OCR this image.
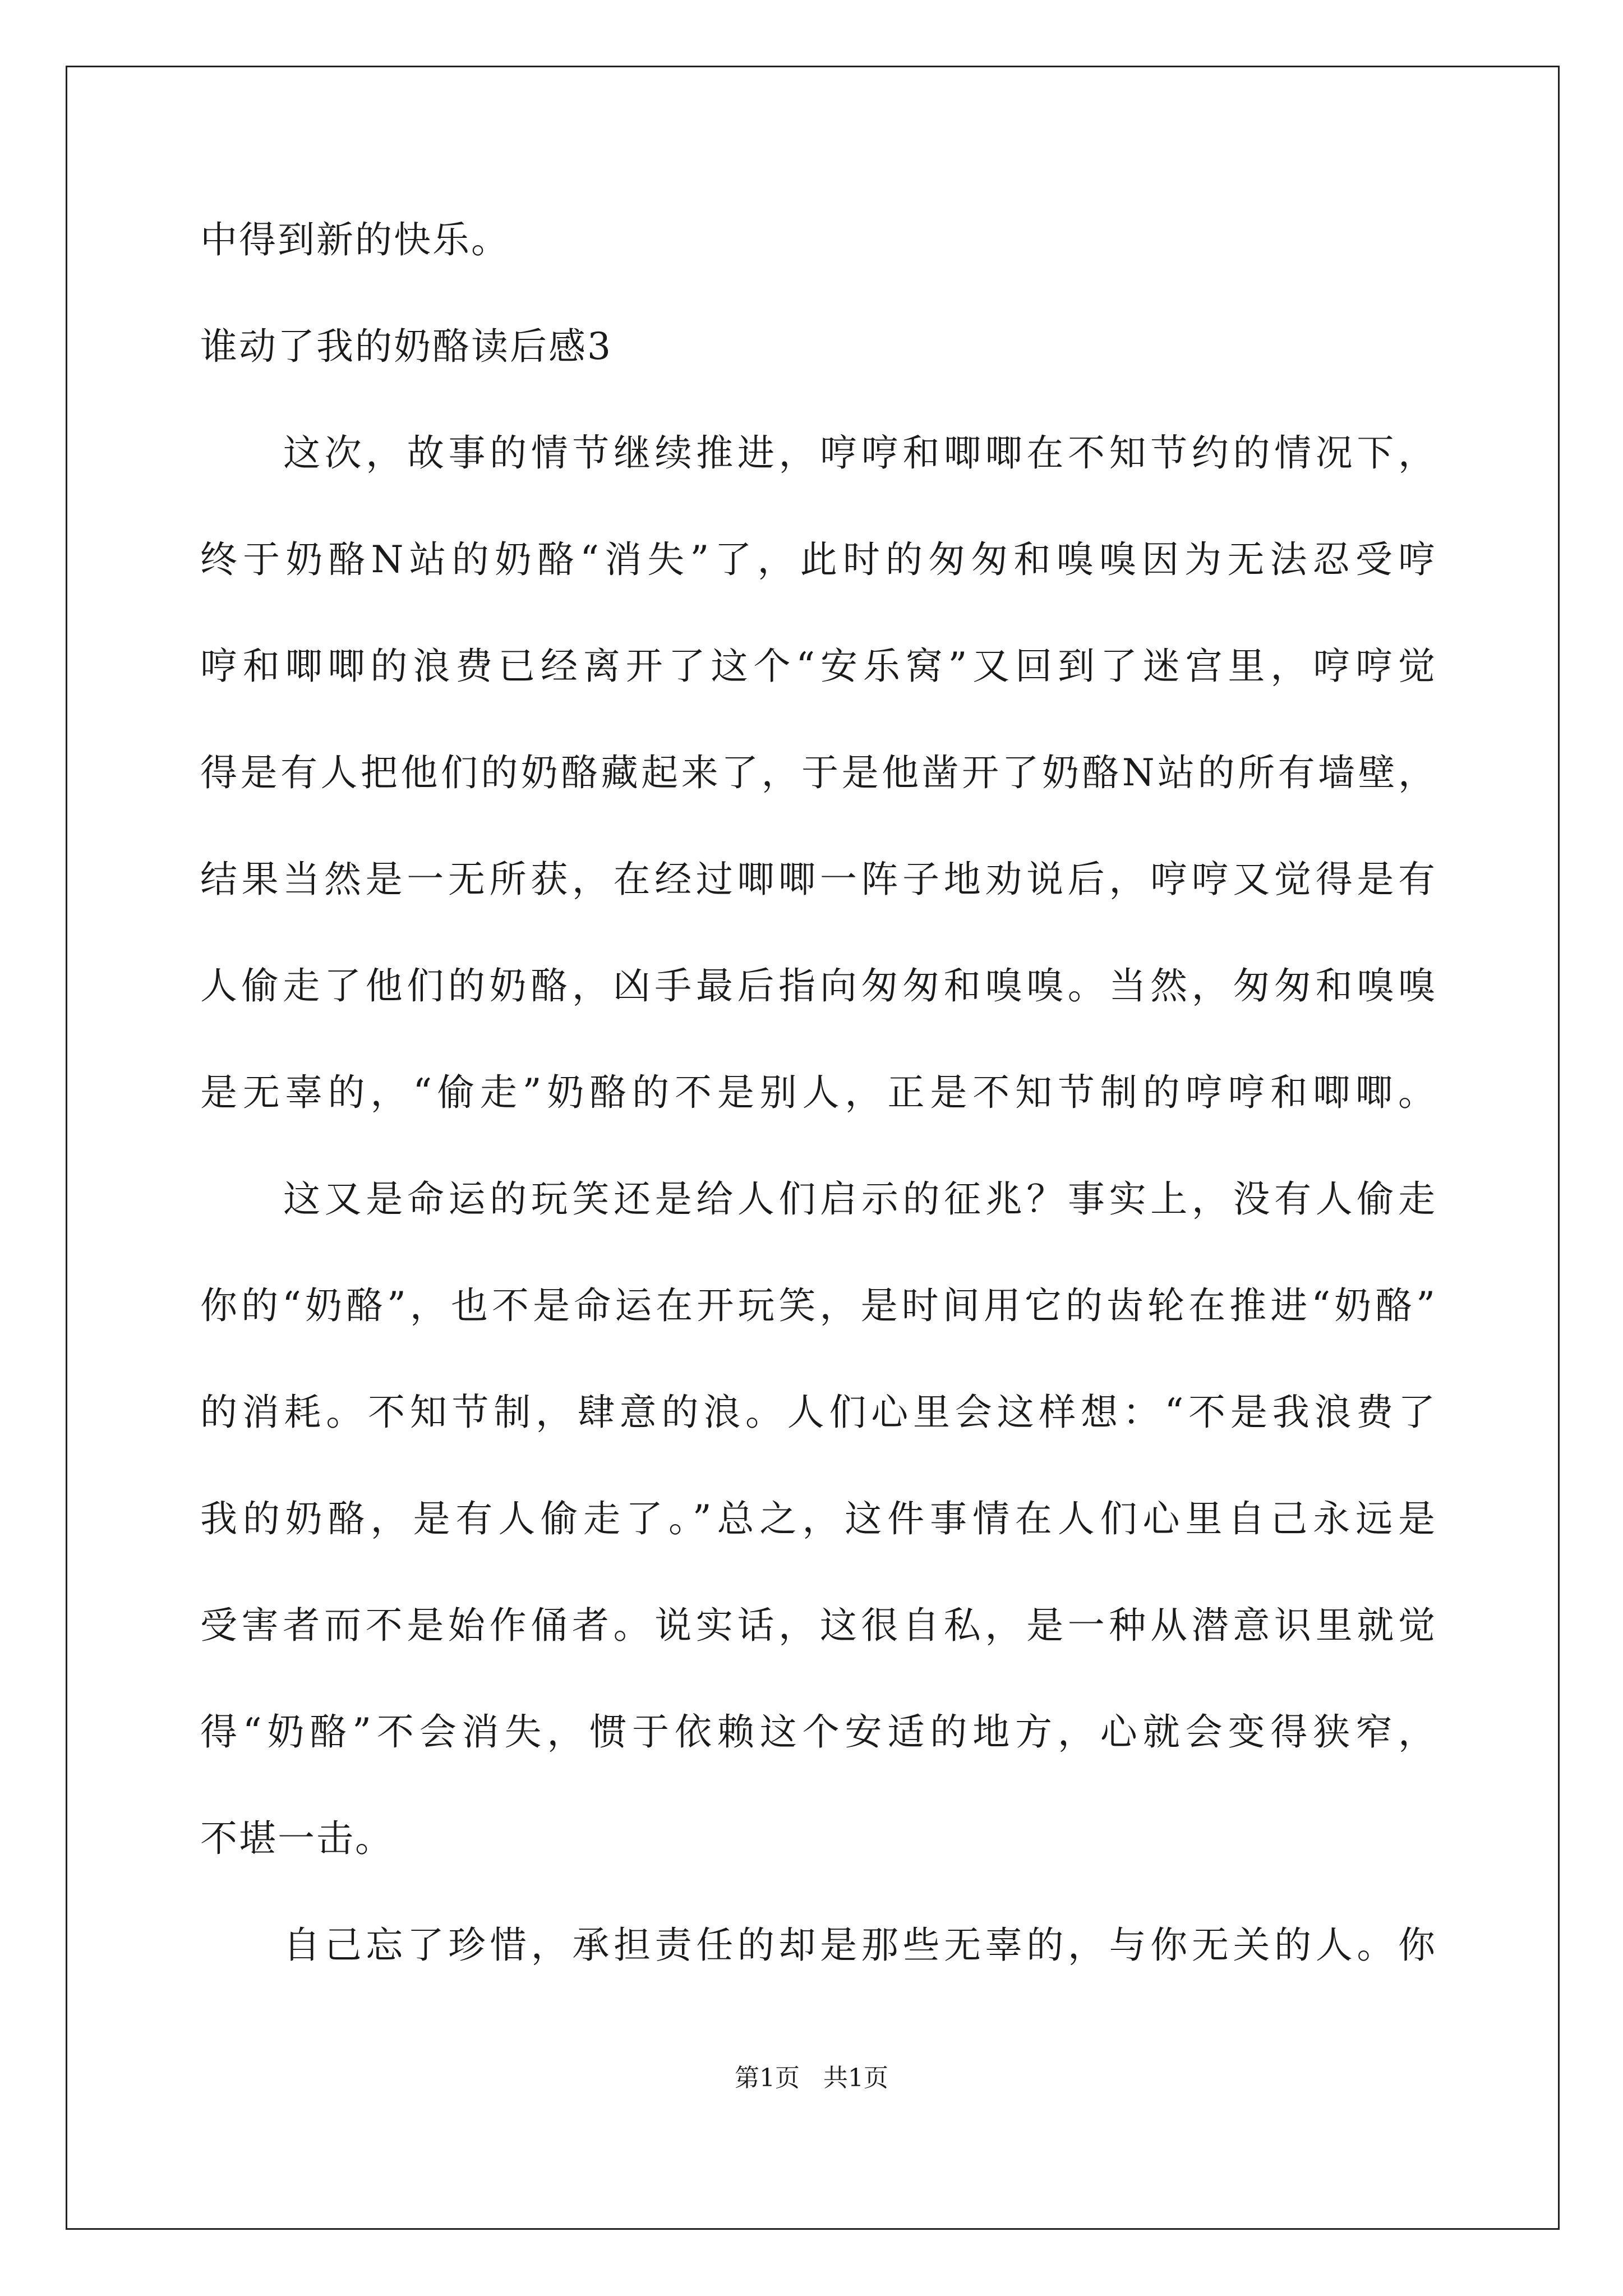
中得到新的快乐。
谁动了我的奶酪读后感3
这次，故事的情节继续推进，哼哼和唧唧在不知节约的情况下，
终于奶酪N站的奶酪“消失”了，此时的匆匆和嗅嗅因为无法忍受哼
哼和唧唧的浪费已经离开了这个“安乐窝”又回到了迷宫里，哼哼觉
得是有人把他们的奶酪藏起来了，于是他凿开了奶酪N站的所有墙壁，
结果当然是一无所获，在经过唧唧一阵子地劝说后，哼哼又觉得是有
人偷走了他们的奶酪，凶手最后指向匆匆和嗅嗅。当然，匆匆和嗅嗅
是无辜的，“偷走”奶酪的不是别人，正是不知节制的哼哼和唧唧。
这又是命运的玩笑还是给人们启示的征兆？事实上，没有人偷走
你的“奶酪”，也不是命运在开玩笑，是时间用它的齿轮在推进“奶酪”
的消耗。不知节制，肆意的浪。人们心里会这样想：“不是我浪费了
我的奶酪，是有人偷走了。”总之，这件事情在人们心里自己永远是
受害者而不是始作俑者。说实话，这很自私，是一种从潜意识里就觉
得“奶酪”不会消失，惯于依赖这个安适的地方，心就会变得狭窄，
不堪一击。
自己忘了珍惜，承担责任的却是那些无辜的，与你无关的人。你
第1页   共1页
